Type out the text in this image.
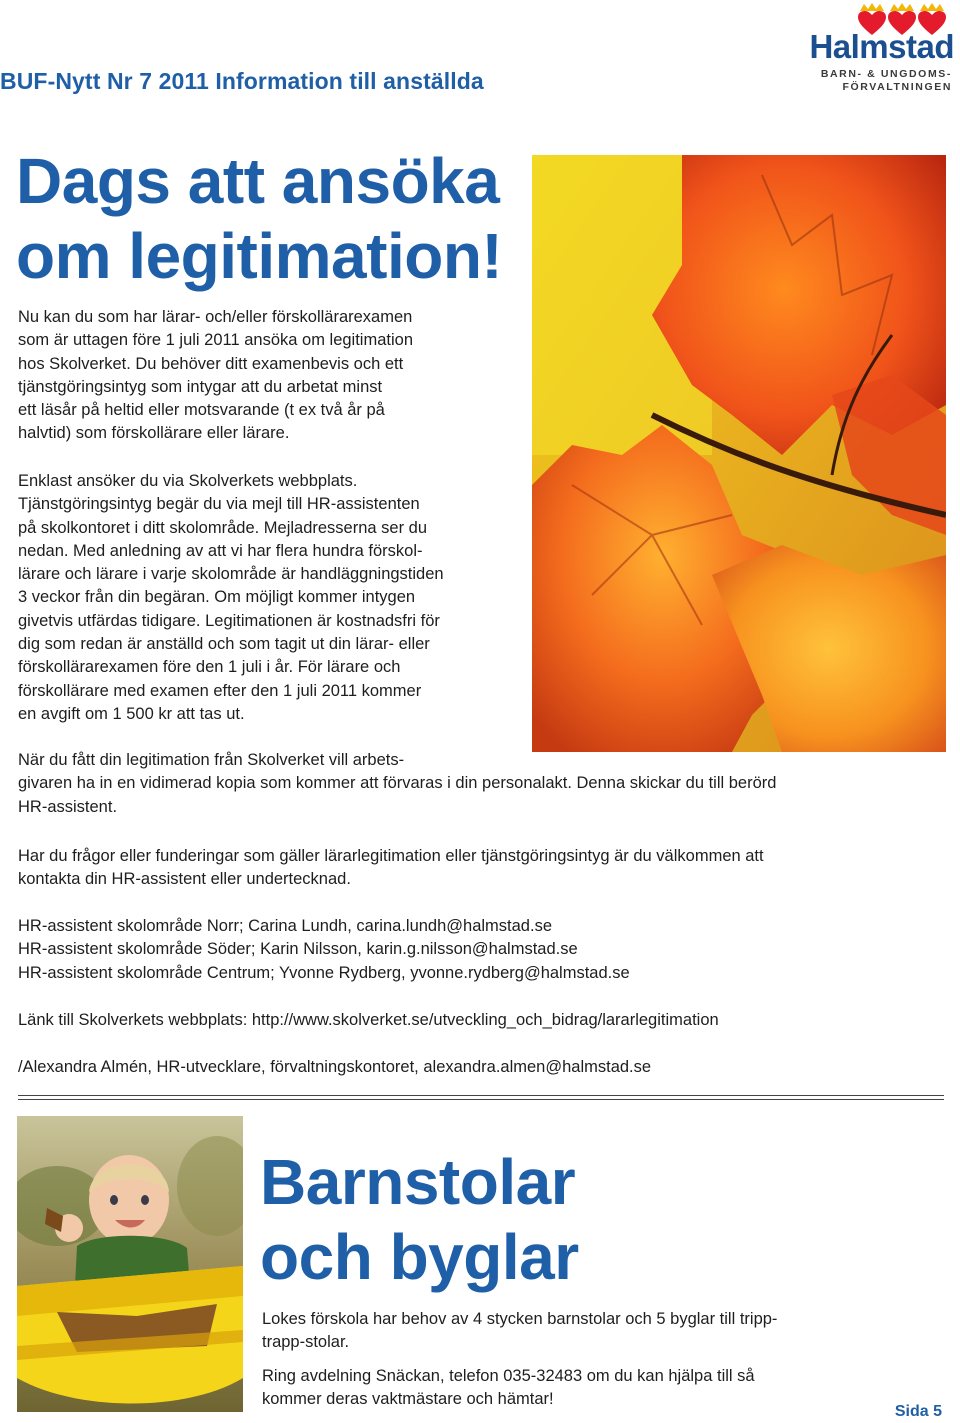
BUF-Nytt Nr 7 2011 Information till anställda
Halmstad
BARN- & UNGDOMS-
FÖRVALTNINGEN
Dags att ansöka
om legitimation!
Nu kan du som har lärar- och/eller förskollärarexamen
som är uttagen före 1 juli 2011 ansöka om legitimation
hos Skolverket. Du behöver ditt examenbevis och ett
tjänstgöringsintyg som intygar att du arbetat minst
ett läsår på heltid eller motsvarande (t ex två år på
halvtid) som förskollärare eller lärare.
Enklast ansöker du via Skolverkets webbplats.
Tjänstgöringsintyg begär du via mejl till HR-assistenten
på skolkontoret i ditt skolområde. Mejladresserna ser du
nedan. Med anledning av att vi har flera hundra förskol-
lärare och lärare i varje skolområde är handläggningstiden
3 veckor från din begäran. Om möjligt kommer intygen
givetvis utfärdas tidigare. Legitimationen är kostnadsfri för
dig som redan är anställd och som tagit ut din lärar- eller
förskollärarexamen före den 1 juli i år. För lärare och
förskollärare med examen efter den 1 juli 2011 kommer
en avgift om 1 500 kr att tas ut.
När du fått din legitimation från Skolverket vill arbets-
givaren ha in en vidimerad kopia som kommer att förvaras i din personalakt. Denna skickar du till berörd
HR-assistent.
Har du frågor eller funderingar som gäller lärarlegitimation eller tjänstgöringsintyg är du välkommen att
kontakta din HR-assistent eller undertecknad.
HR-assistent skolområde Norr; Carina Lundh, carina.lundh@halmstad.se
HR-assistent skolområde Söder; Karin Nilsson, karin.g.nilsson@halmstad.se
HR-assistent skolområde Centrum; Yvonne Rydberg, yvonne.rydberg@halmstad.se
Länk till Skolverkets webbplats: http://www.skolverket.se/utveckling_och_bidrag/lararlegitimation
/Alexandra Almén, HR-utvecklare, förvaltningskontoret, alexandra.almen@halmstad.se
Barnstolar
och byglar
Lokes förskola har behov av 4 stycken barnstolar och 5 byglar till tripp-
trapp-stolar.
Ring avdelning Snäckan, telefon 035-32483 om du kan hjälpa till så
kommer deras vaktmästare och hämtar!
Sida 5
